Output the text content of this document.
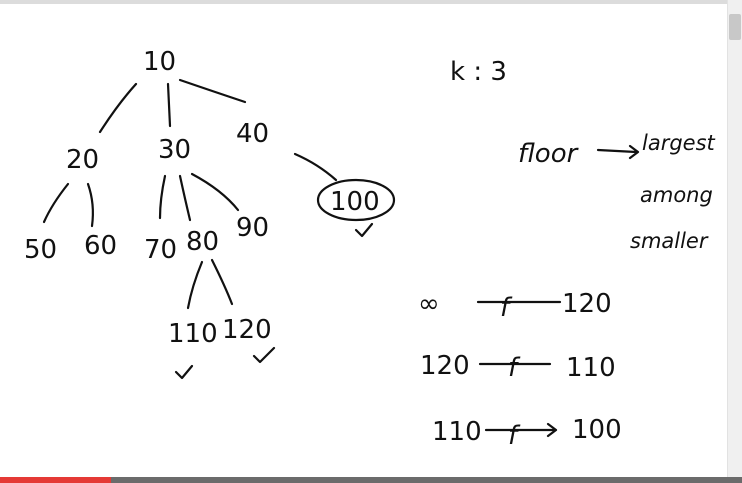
10
20 30
40
50 60 70 80 90
110 120
100
k : 3
floor	largest
among
smaller
∞ f 120
120 f 110
110 f 100
